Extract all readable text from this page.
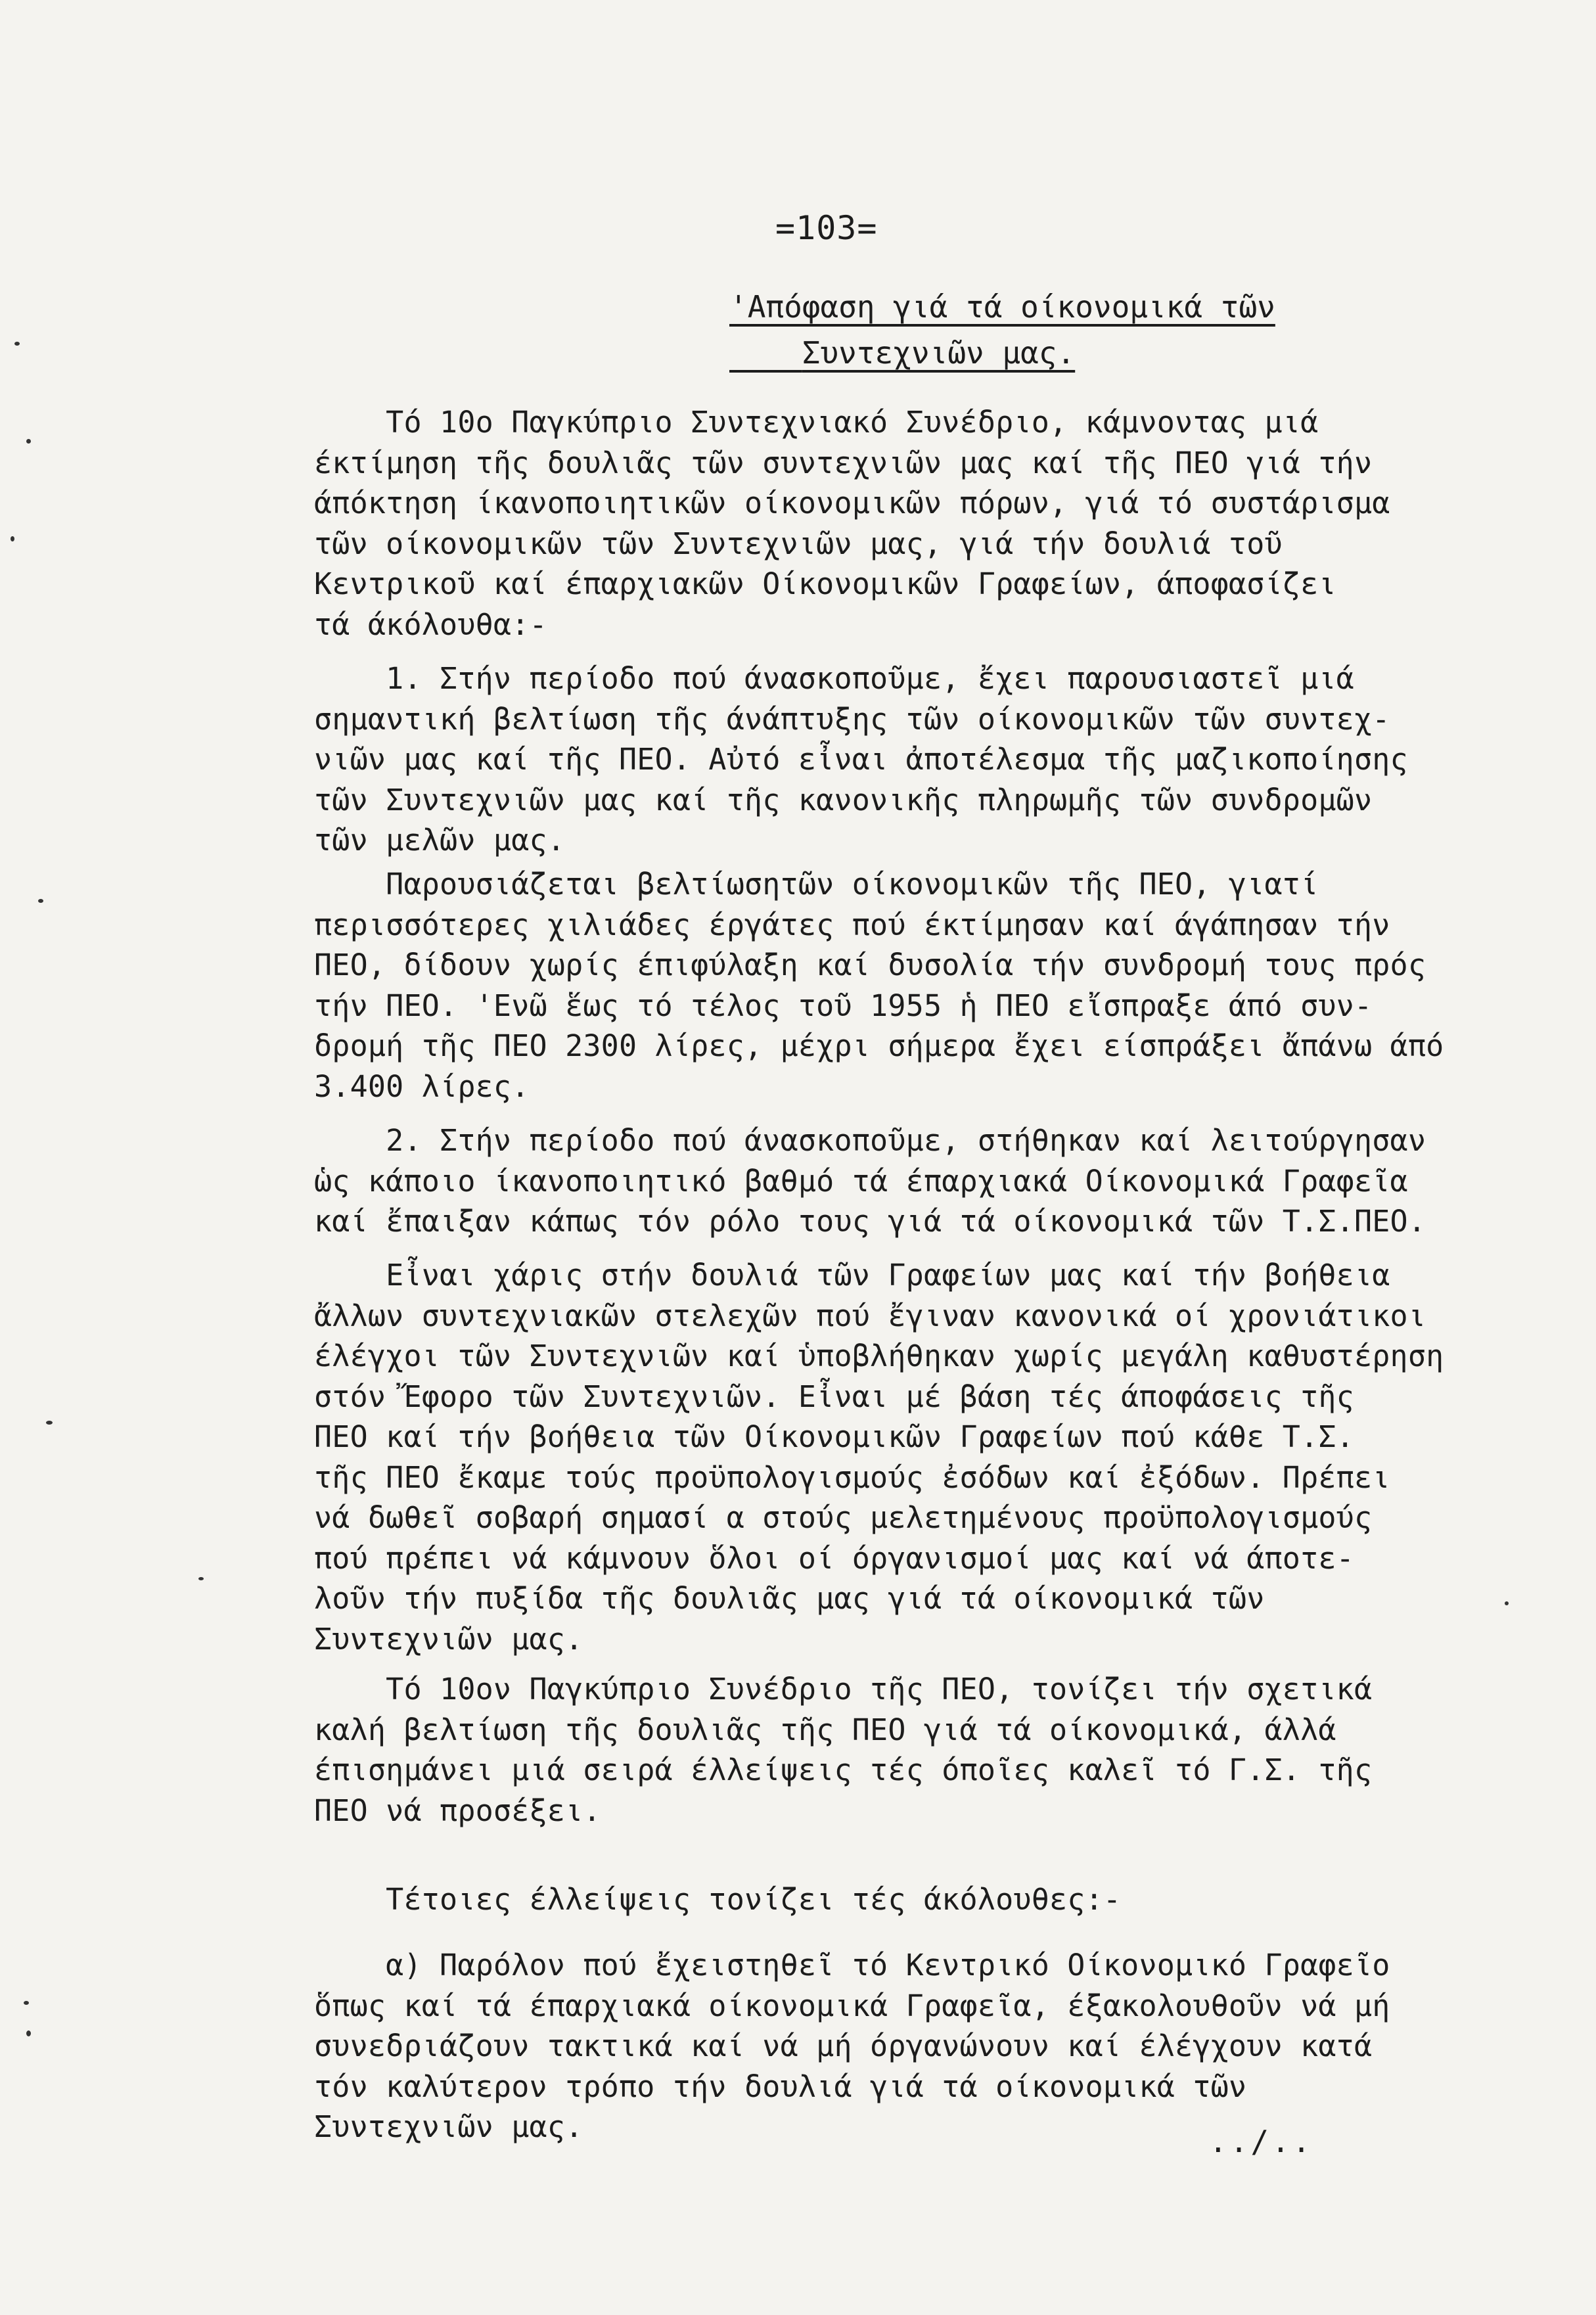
=103=
'Απόφαση γιά τά οίκονομικά τῶν
Συντεχνιῶν μας.
Τό 10ο Παγκύπριο Συντεχνιακό Συνέδριο, κάμνοντας μιά
έκτίμηση τῆς δουλιᾶς τῶν συντεχνιῶν μας καί τῆς ΠΕΟ γιά τήν
άπόκτηση ίκανοποιητικῶν οίκονομικῶν πόρων, γιά τό συστάρισμα
τῶν οίκονομικῶν τῶν Συντεχνιῶν μας, γιά τήν δουλιά τοῦ
Κεντρικοῦ καί έπαρχιακῶν Οίκονομικῶν Γραφείων, άποφασίζει
τά άκόλουθα:-
1. Στήν περίοδο πού άνασκοποῦμε, ἔχει παρουσιαστεῖ μιά
σημαντική βελτίωση τῆς άνάπτυξης τῶν οίκονομικῶν τῶν συντεχ-
νιῶν μας καί τῆς ΠΕΟ. Αὐτό εἶναι ἀποτέλεσμα τῆς μαζικοποίησης
τῶν Συντεχνιῶν μας καί τῆς κανονικῆς πληρωμῆς τῶν συνδρομῶν
τῶν μελῶν μας.
Παρουσιάζεται βελτίωσητῶν οίκονομικῶν τῆς ΠΕΟ, γιατί
περισσότερες χιλιάδες έργάτες πού έκτίμησαν καί άγάπησαν τήν
ΠΕΟ, δίδουν χωρίς έπιφύλαξη καί δυσολία τήν συνδρομή τους πρός
τήν ΠΕΟ. 'Ενῶ ἕως τό τέλος τοῦ 1955 ἡ ΠΕΟ εἴσπραξε άπό συν-
δρομή τῆς ΠΕΟ 2300 λίρες, μέχρι σήμερα ἔχει είσπράξει ἄπάνω άπό
3.400 λίρες.
2. Στήν περίοδο πού άνασκοποῦμε, στήθηκαν καί λειτούργησαν
ὡς κάποιο ίκανοποιητικό βαθμό τά έπαρχιακά Οίκονομικά Γραφεῖα
καί ἔπαιξαν κάπως τόν ρόλο τους γιά τά οίκονομικά τῶν Τ.Σ.ΠΕΟ.
Εἶναι χάρις στήν δουλιά τῶν Γραφείων μας καί τήν βοήθεια
ἄλλων συντεχνιακῶν στελεχῶν πού ἔγιναν κανονικά οί χρονιάτικοι
έλέγχοι τῶν Συντεχνιῶν καί ὑποβλήθηκαν χωρίς μεγάλη καθυστέρηση
στόν Ἔφορο τῶν Συντεχνιῶν. Εἶναι μέ βάση τές άποφάσεις τῆς
ΠΕΟ καί τήν βοήθεια τῶν Οίκονομικῶν Γραφείων πού κάθε Τ.Σ.
τῆς ΠΕΟ ἔκαμε τούς προϋπολογισμούς ἐσόδων καί ἐξόδων. Πρέπει
νά δωθεῖ σοβαρή σημασί α στούς μελετημένους προϋπολογισμούς
πού πρέπει νά κάμνουν ὅλοι οί όργανισμοί μας καί νά άποτε-
λοῦν τήν πυξίδα τῆς δουλιᾶς μας γιά τά οίκονομικά τῶν
Συντεχνιῶν μας.
Τό 10ον Παγκύπριο Συνέδριο τῆς ΠΕΟ, τονίζει τήν σχετικά
καλή βελτίωση τῆς δουλιᾶς τῆς ΠΕΟ γιά τά οίκονομικά, άλλά
έπισημάνει μιά σειρά έλλείψεις τές όποῖες καλεῖ τό Γ.Σ. τῆς
ΠΕΟ νά προσέξει.
Τέτοιες έλλείψεις τονίζει τές άκόλουθες:-
α) Παρόλον πού ἔχειστηθεῖ τό Κεντρικό Οίκονομικό Γραφεῖο
ὅπως καί τά έπαρχιακά οίκονομικά Γραφεῖα, έξακολουθοῦν νά μή
συνεδριάζουν τακτικά καί νά μή όργανώνουν καί έλέγχουν κατά
τόν καλύτερον τρόπο τήν δουλιά γιά τά οίκονομικά τῶν
Συντεχνιῶν μας.	../..
